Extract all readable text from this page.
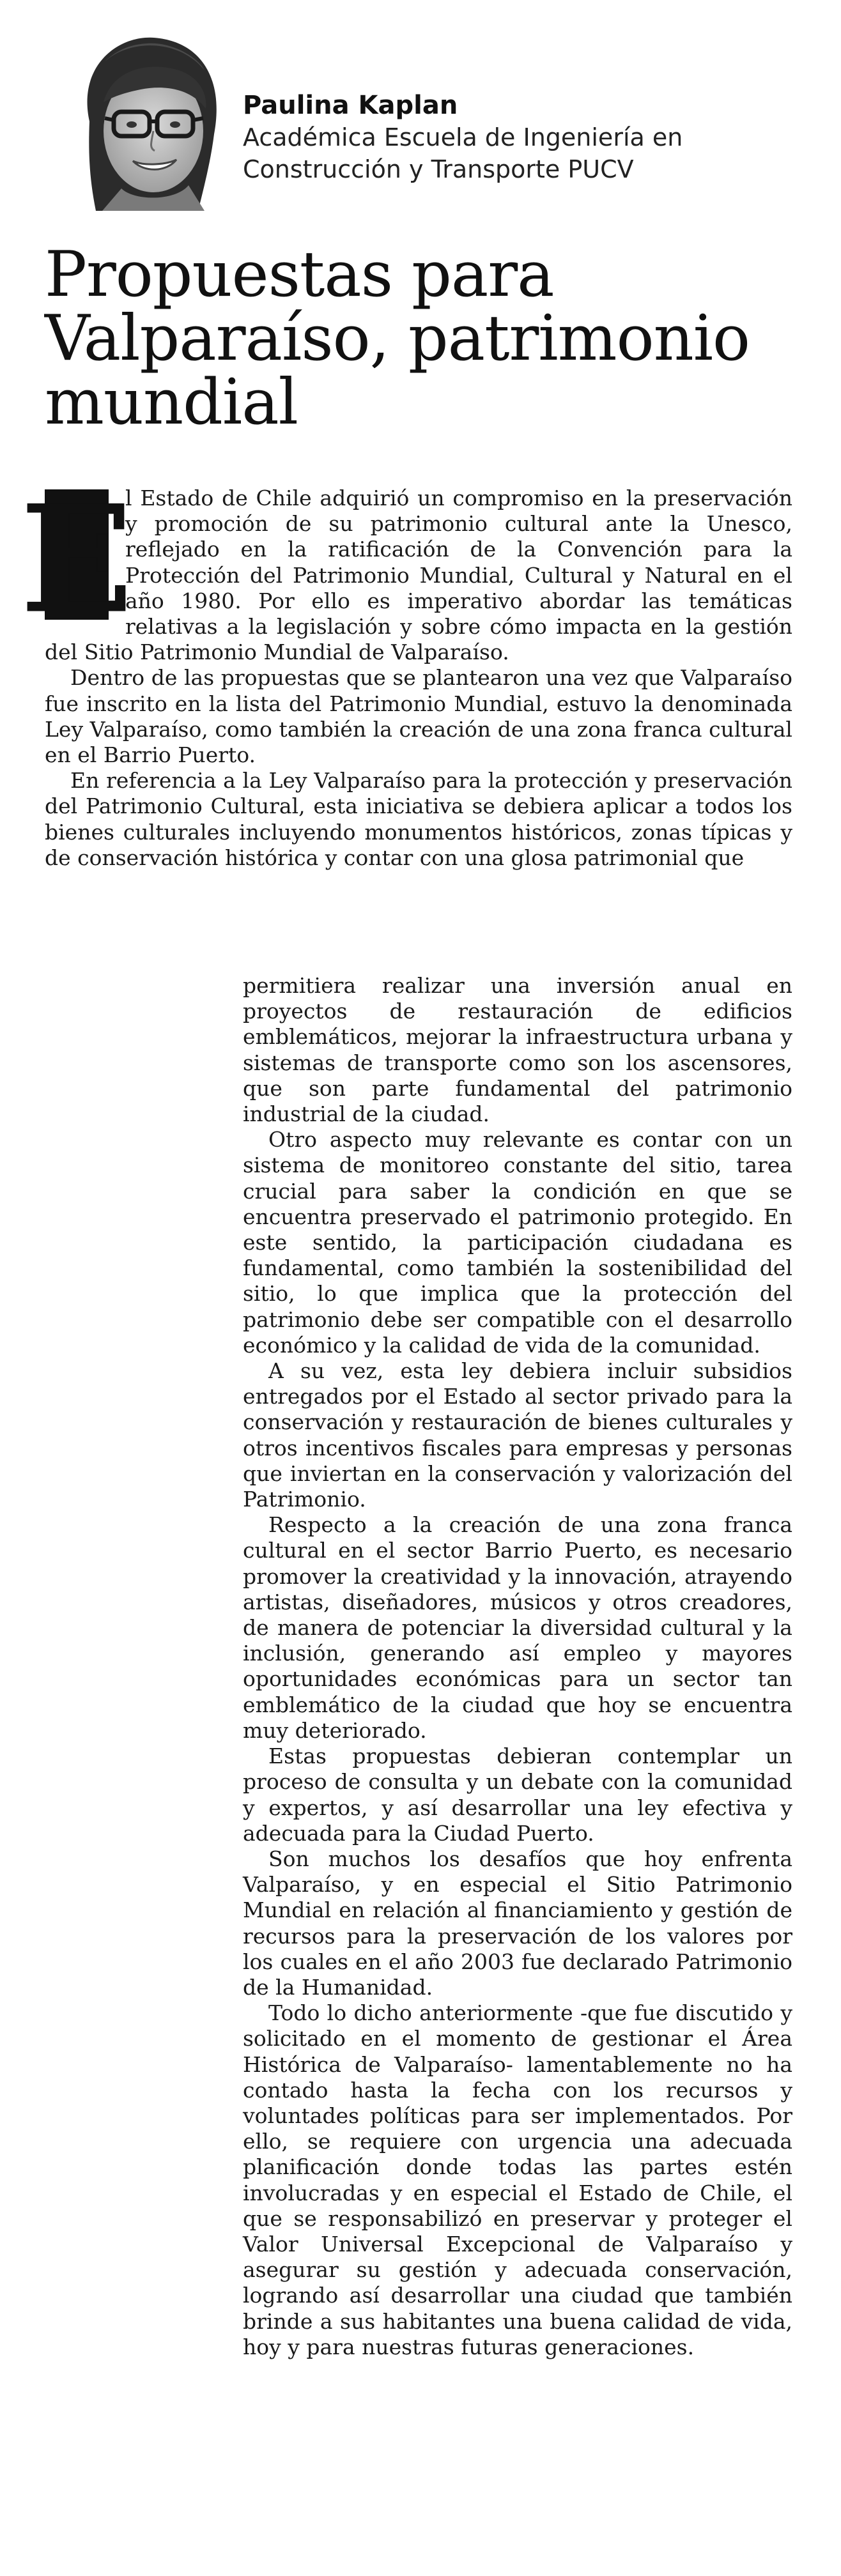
Paulina Kaplan
Académica Escuela de Ingeniería en
Construcción y Transporte PUCV
Propuestas para Valparaíso, patrimonio mundial
E

l Estado de Chile adquirió un compromiso en la preservación y promoción de su patrimonio cultural ante la Unesco, reflejado en la ratificación de la Convención para la Protección del Patrimonio Mundial, Cultural y Natural en el año 1980. Por ello es imperativo abordar las temáticas relativas a la legislación y sobre cómo impacta en la gestión del Sitio Patrimonio Mundial de Valparaíso.

Dentro de las propuestas que se plantearon una vez que Valparaíso fue inscrito en la lista del Patrimonio Mundial, estuvo la denominada Ley Valparaíso, como también la creación de una zona franca cultural en el Barrio Puerto.

En referencia a la Ley Valparaíso para la protección y preservación del Patrimonio Cultural, esta iniciativa se debiera aplicar a todos los bienes culturales incluyendo monumentos históricos, zonas típicas y de conservación histórica y contar con una glosa patrimonial que

permitiera realizar una inversión anual en proyectos de restauración de edificios emblemáticos, mejorar la infraestructura urbana y sistemas de transporte como son los ascensores, que son parte fundamental del patrimonio industrial de la ciudad.

Otro aspecto muy relevante es contar con un sistema de monitoreo constante del sitio, tarea crucial para saber la condición en que se encuentra preservado el patrimonio protegido. En este sentido, la participación ciudadana es fundamental, como también la sostenibilidad del sitio, lo que implica que la protección del patrimonio debe ser compatible con el desarrollo económico y la calidad de vida de la comunidad.

A su vez, esta ley debiera incluir subsidios entregados por el Estado al sector privado para la conservación y restauración de bienes culturales y otros incentivos fiscales para empresas y personas que inviertan en la conservación y valorización del Patrimonio.

Respecto a la creación de una zona franca cultural en el sector Barrio Puerto, es necesario promover la creatividad y la innovación, atrayendo artistas, diseñadores, músicos y otros creadores, de manera de potenciar la diversidad cultural y la inclusión, generando así empleo y mayores oportunidades económicas para un sector tan emblemático de la ciudad que hoy se encuentra muy deteriorado.

Estas propuestas debieran contemplar un proceso de consulta y un debate con la comunidad y expertos, y así desarrollar una ley efectiva y adecuada para la Ciudad Puerto.

Son muchos los desafíos que hoy enfrenta Valparaíso, y en especial el Sitio Patrimonio Mundial en relación al financiamiento y gestión de recursos para la preservación de los valores por los cuales en el año 2003 fue declarado Patrimonio de la Humanidad.

Todo lo dicho anteriormente -que fue discutido y solicitado en el momento de gestionar el Área Histórica de Valparaíso- lamentablemente no ha contado hasta la fecha con los recursos y voluntades políticas para ser implementados. Por ello, se requiere con urgencia una adecuada planificación donde todas las partes estén involucradas y en especial el Estado de Chile, el que se responsabilizó en preservar y proteger el Valor Universal Excepcional de Valparaíso y asegurar su gestión y adecuada conservación, logrando así desarrollar una ciudad que también brinde a sus habitantes una buena calidad de vida, hoy y para nuestras futuras generaciones.
